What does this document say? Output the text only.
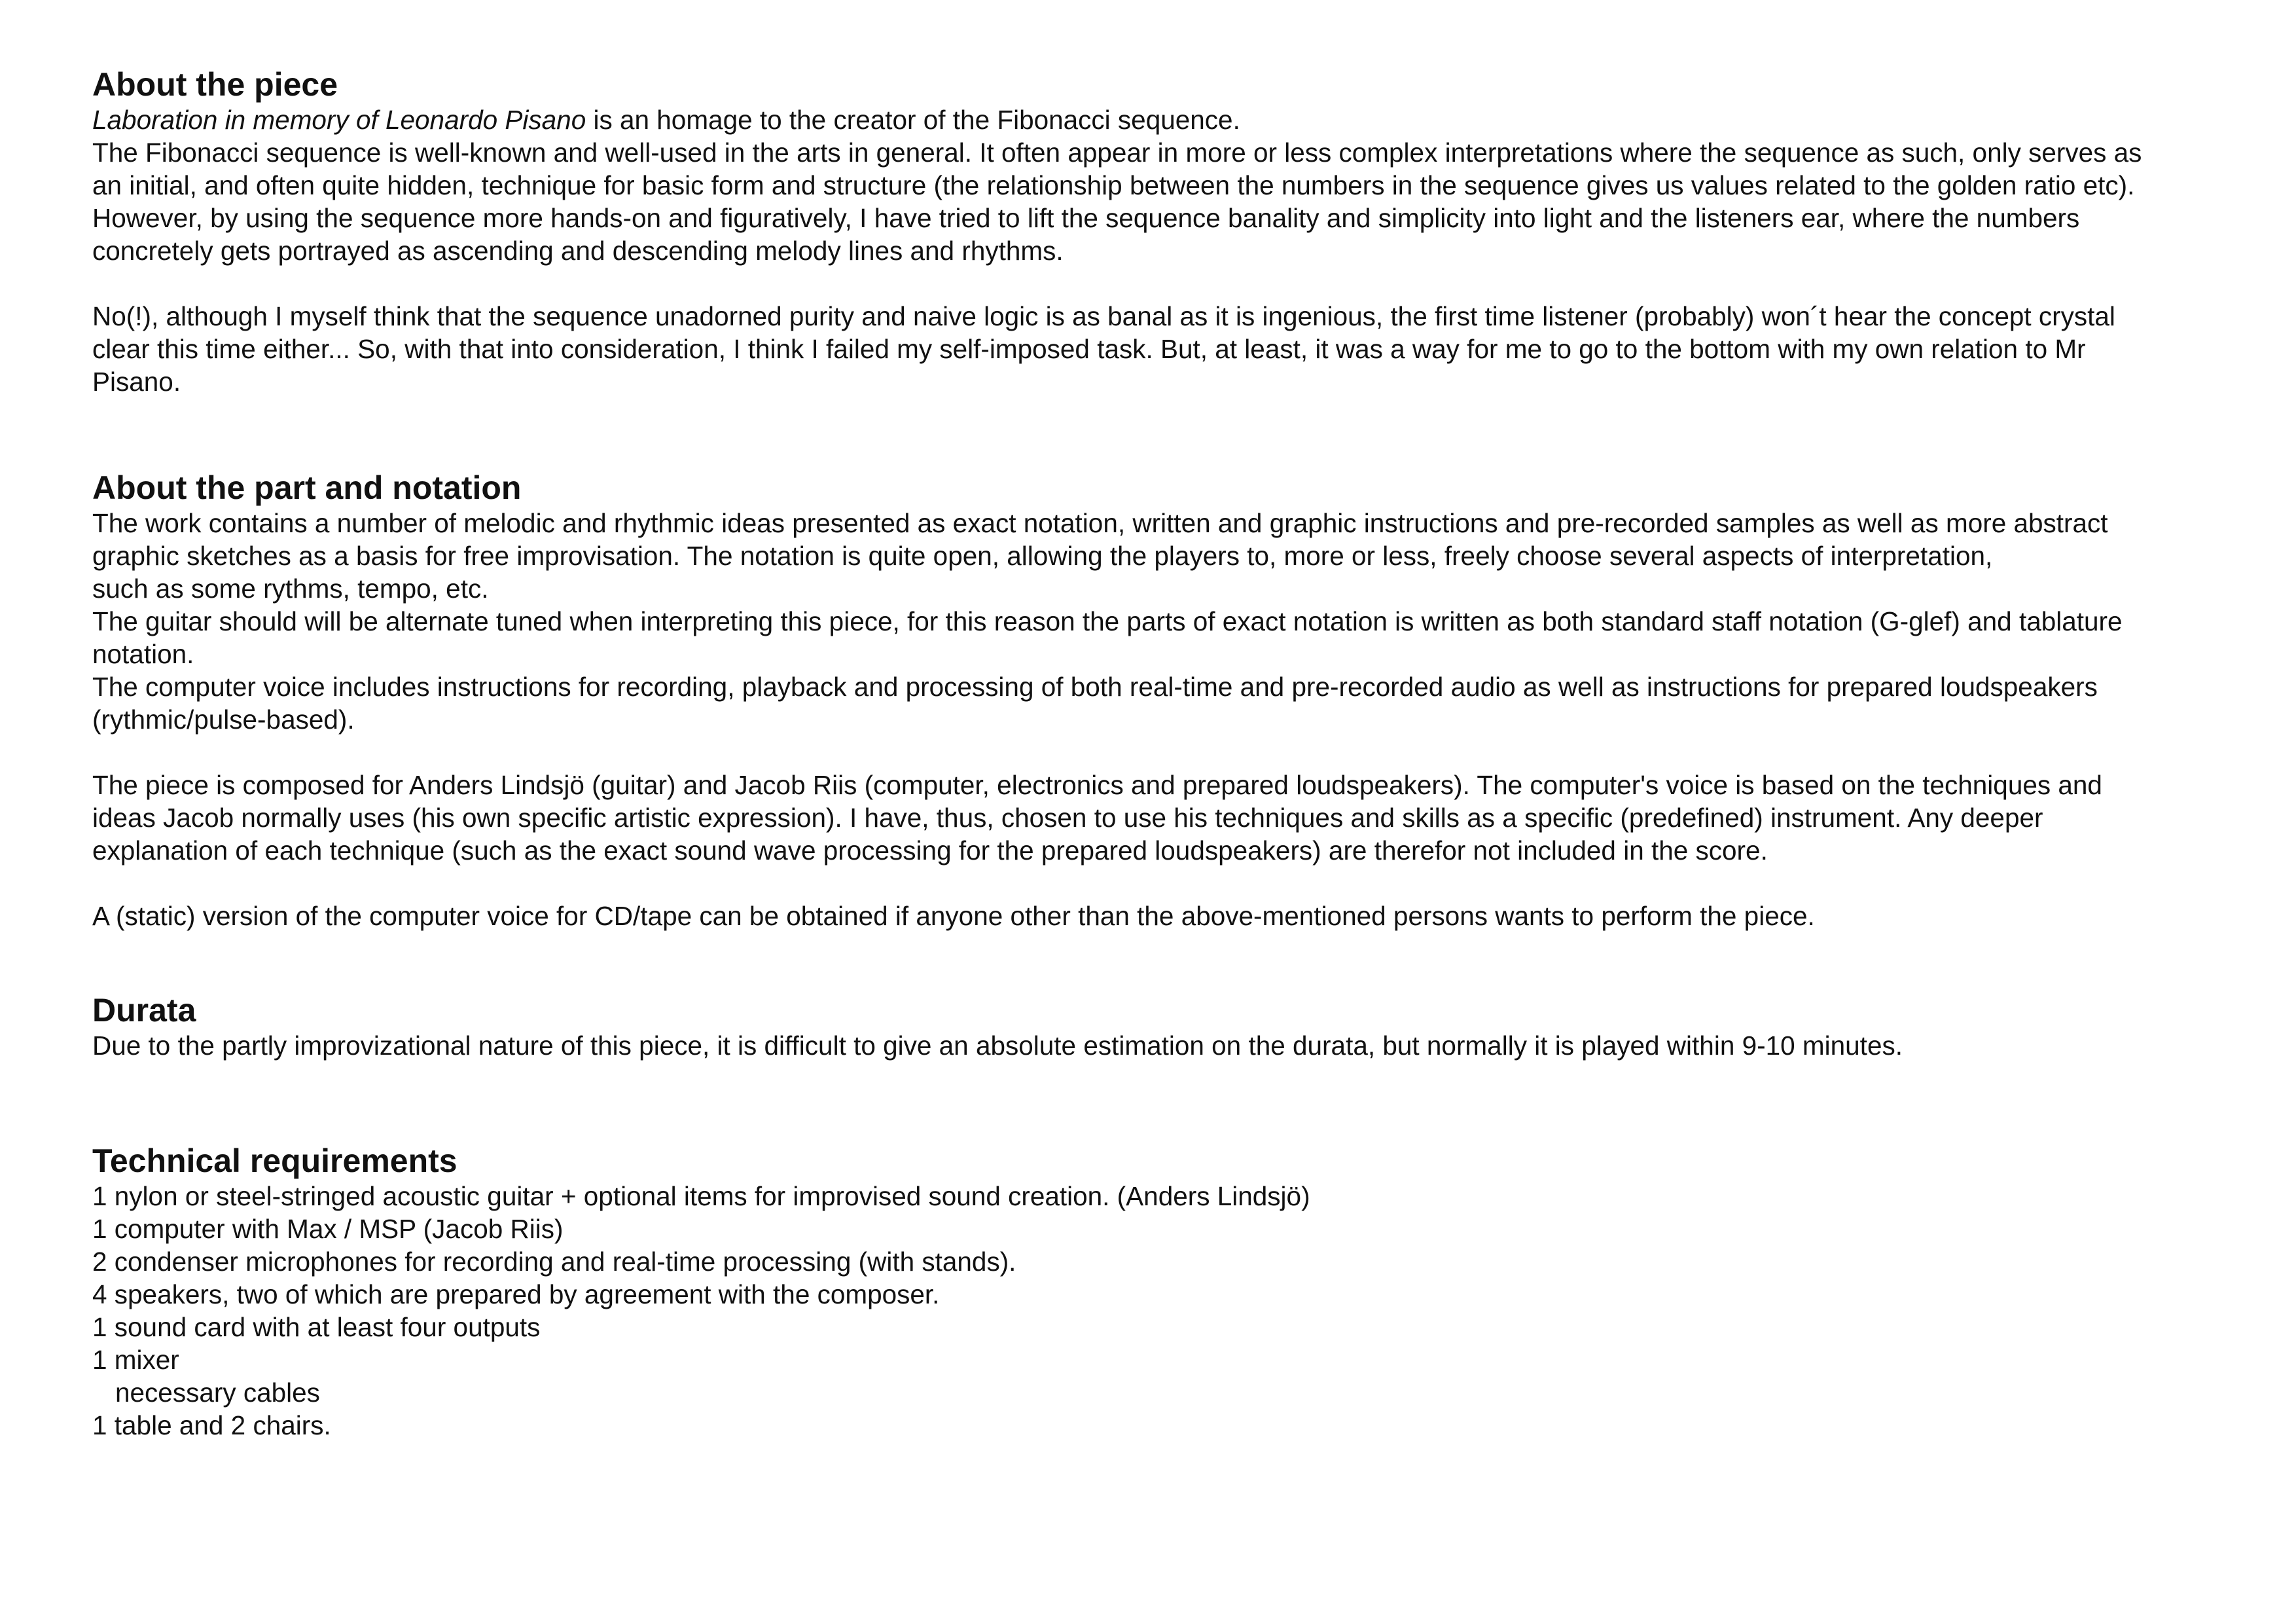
About the piece

Laboration in memory of Leonardo Pisano is an homage to the creator of the Fibonacci sequence.

The Fibonacci sequence is well-known and well-used in the arts in general. It often appear in more or less complex interpretations where the sequence as such, only serves as

an initial, and often quite hidden, technique for basic form and structure (the relationship between the numbers in the sequence gives us values related to the golden ratio etc).

However, by using the sequence more hands-on and figuratively, I have tried to lift the sequence banality and simplicity into light and the listeners ear, where the numbers

concretely gets portrayed as ascending and descending melody lines and rhythms.

No(!), although I myself think that the sequence unadorned purity and naive logic is as banal as it is ingenious, the first time listener (probably) won´t hear the concept crystal

clear this time either... So, with that into consideration, I think I failed my self-imposed task. But, at least, it was a way for me to go to the bottom with my own relation to Mr

Pisano.

About the part and notation

The work contains a number of melodic and rhythmic ideas presented as exact notation, written and graphic instructions and pre-recorded samples as well as more abstract

graphic sketches as a basis for free improvisation. The notation is quite open, allowing the players to, more or less, freely choose several aspects of interpretation,

such as some rythms, tempo, etc.

The guitar should will be alternate tuned when interpreting this piece, for this reason the parts of exact notation is written as both standard staff notation (G-glef) and tablature

notation.

The computer voice includes instructions for recording, playback and processing of both real-time and pre-recorded audio as well as instructions for prepared loudspeakers

(rythmic/pulse-based).

The piece is composed for Anders Lindsjö (guitar) and Jacob Riis (computer, electronics and prepared loudspeakers). The computer's voice is based on the techniques and

ideas Jacob normally uses (his own specific artistic expression). I have, thus, chosen to use his techniques and skills as a specific (predefined) instrument. Any deeper

explanation of each technique (such as the exact sound wave processing for the prepared loudspeakers) are therefor not included in the score.

A (static) version of the computer voice for CD/tape can be obtained if anyone other than the above-mentioned persons wants to perform the piece.

Durata

Due to the partly improvizational nature of this piece, it is difficult to give an absolute estimation on the durata, but normally it is played within 9-10 minutes.

Technical requirements

1 nylon or steel-stringed acoustic guitar + optional items for improvised sound creation. (Anders Lindsjö)

1 computer with Max / MSP (Jacob Riis)

2 condenser microphones for recording and real-time processing (with stands).

4 speakers, two of which are prepared by agreement with the composer.

1 sound card with at least four outputs

1 mixer

necessary cables

1 table and 2 chairs.
